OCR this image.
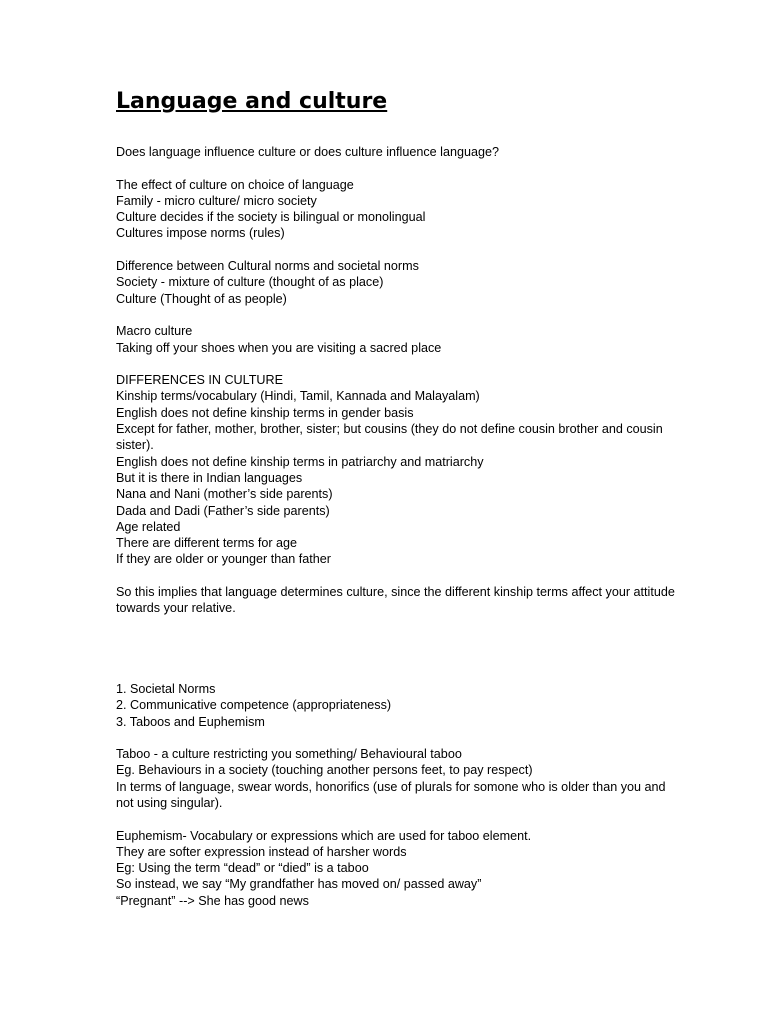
Language and culture

Does language influence culture or does culture influence language?

The effect of culture on choice of language

Family - micro culture/ micro society

Culture decides if the society is bilingual or monolingual

Cultures impose norms (rules)

Difference between Cultural norms and societal norms

Society - mixture of culture (thought of as place)

Culture (Thought of as people)

Macro culture

Taking off your shoes when you are visiting a sacred place

DIFFERENCES IN CULTURE

Kinship terms/vocabulary (Hindi, Tamil, Kannada and Malayalam)

English does not define kinship terms in gender basis

Except for father, mother, brother, sister; but cousins (they do not define cousin brother and cousin sister).

English does not define kinship terms in patriarchy and matriarchy

But it is there in Indian languages

Nana and Nani (mother’s side parents)

Dada and Dadi (Father’s side parents)

Age related

There are different terms for age

If they are older or younger than father

So this implies that language determines culture, since the different kinship terms affect your attitude towards your relative.

1. Societal Norms

2. Communicative competence (appropriateness)

3. Taboos and Euphemism

Taboo - a culture restricting you something/ Behavioural taboo

Eg. Behaviours in a society (touching another persons feet, to pay respect)

In terms of language, swear words, honorifics (use of plurals for somone who is older than you and not using singular).

Euphemism- Vocabulary or expressions which are used for taboo element.

They are softer expression instead of harsher words

Eg: Using the term “dead” or “died” is a taboo

So instead, we say “My grandfather has moved on/ passed away”

“Pregnant” --> She has good news
